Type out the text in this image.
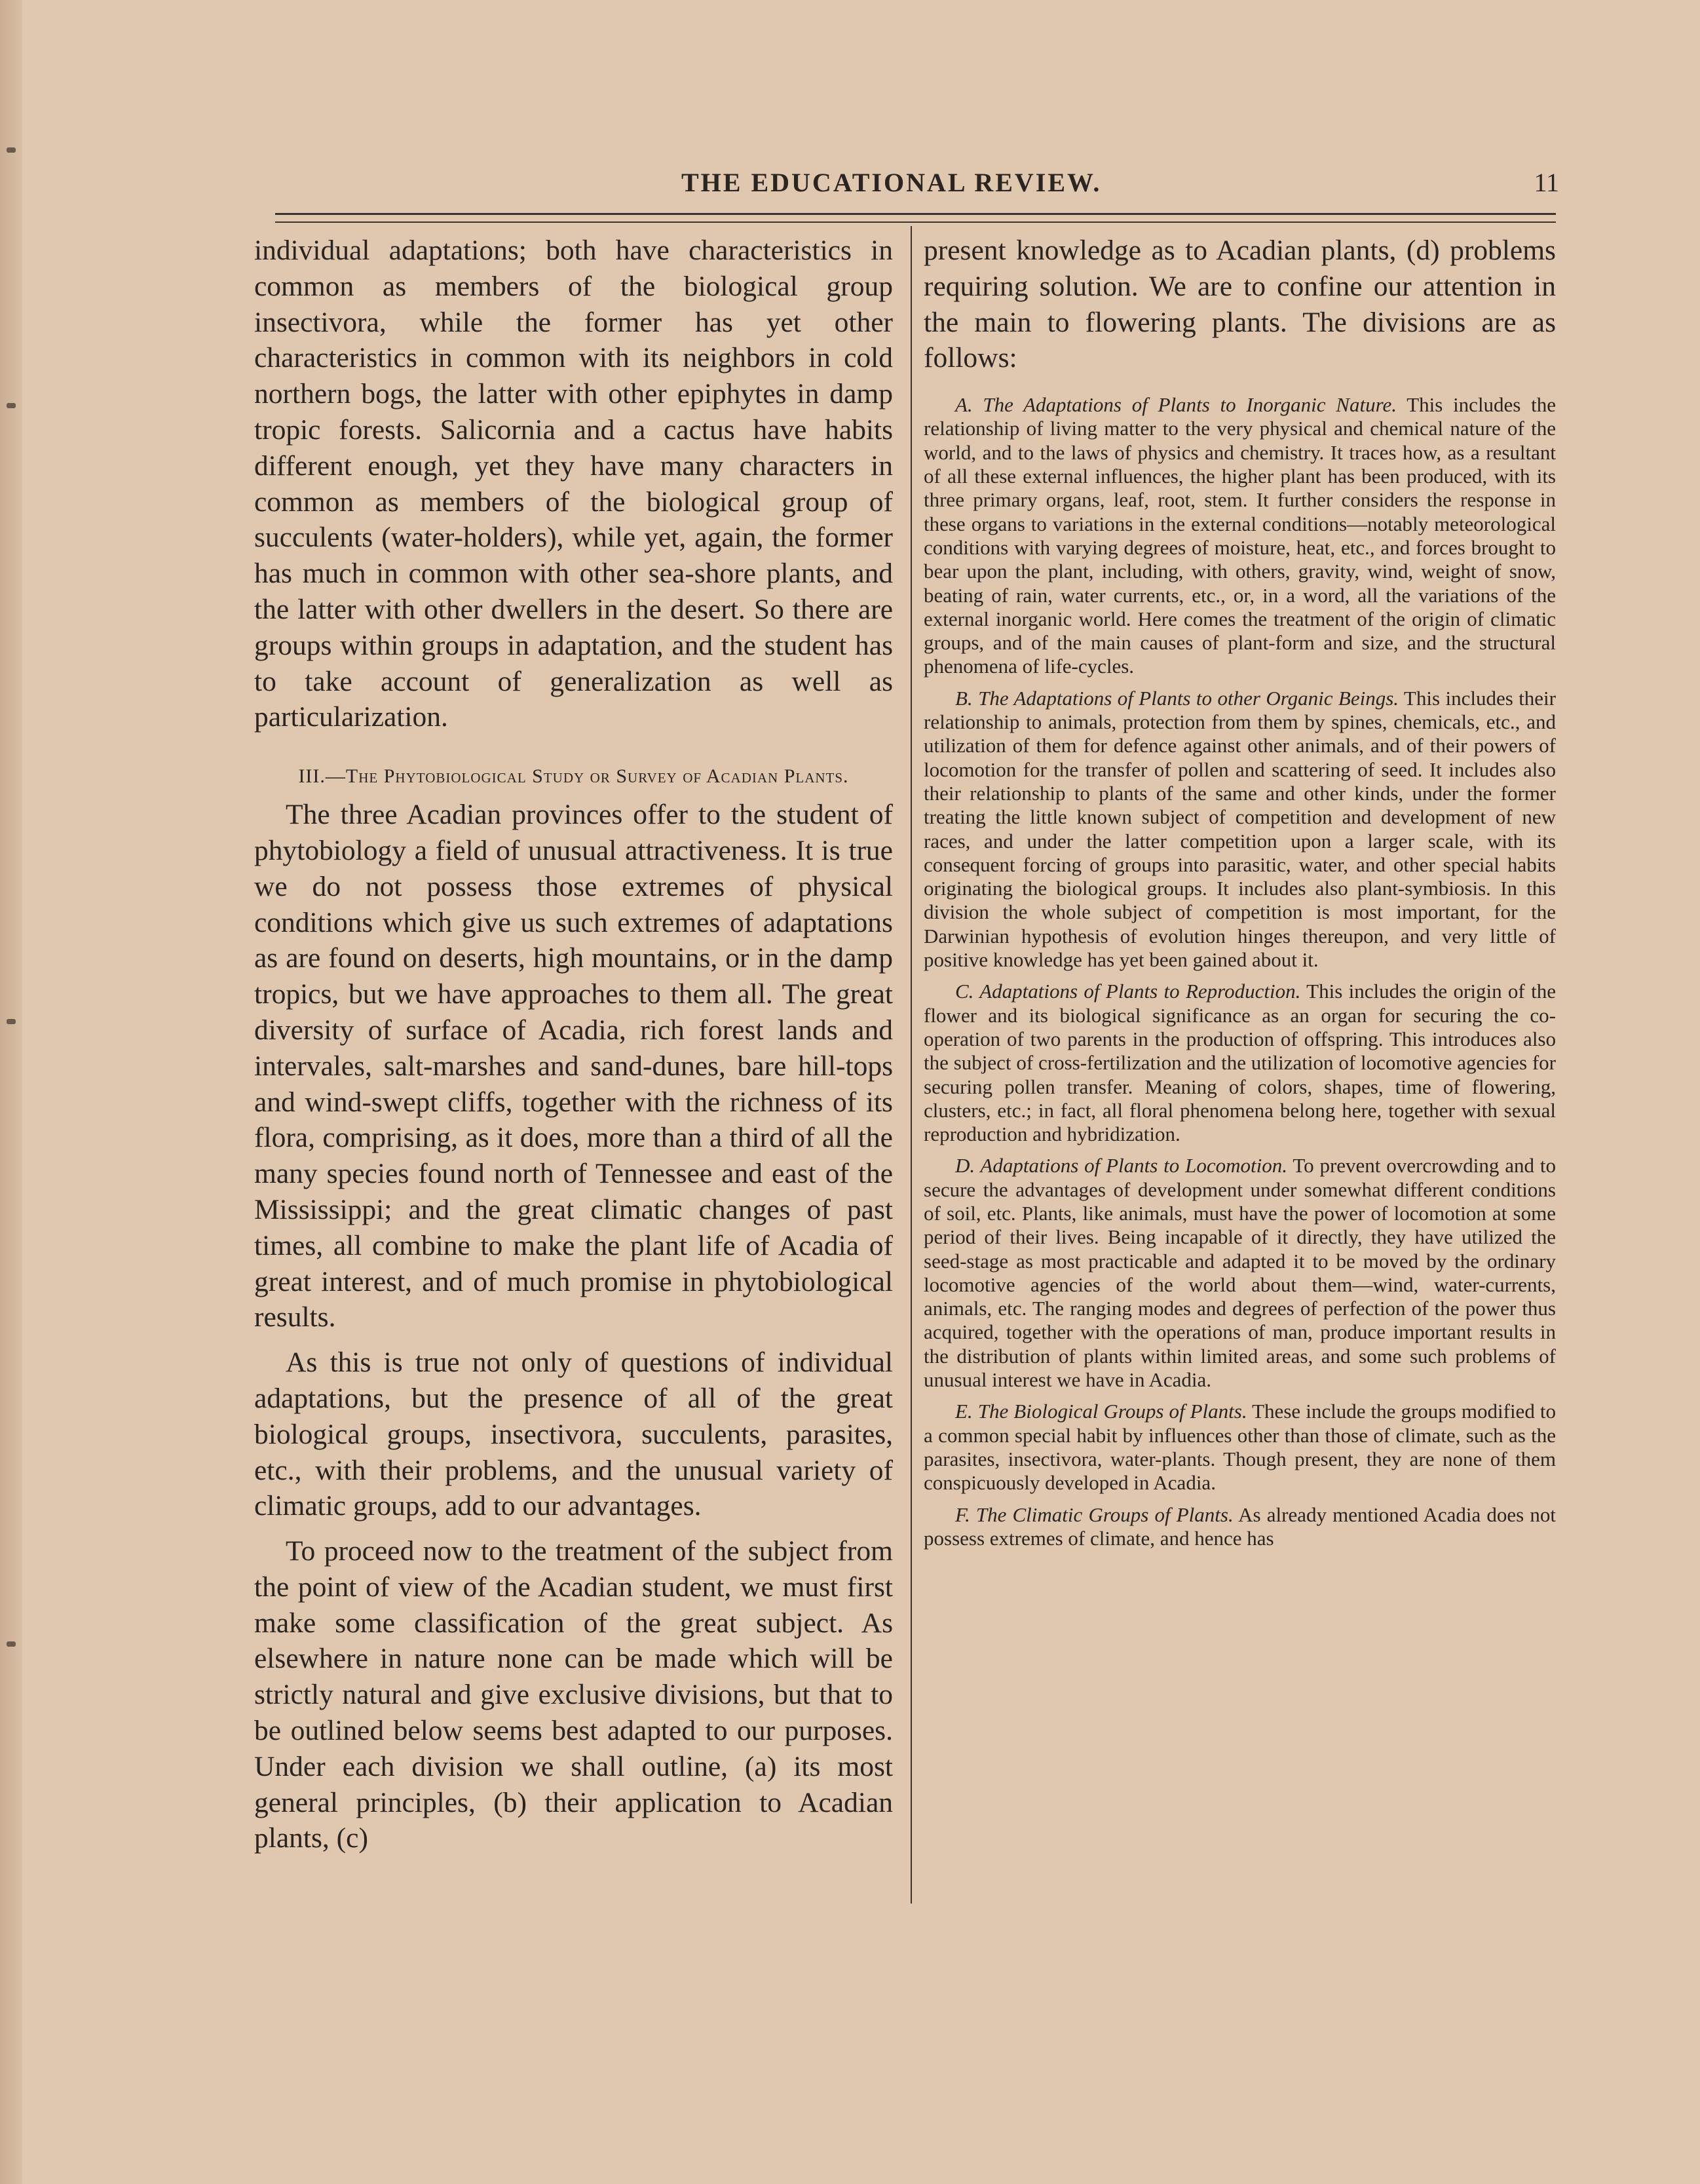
THE EDUCATIONAL REVIEW.	11

individual adaptations; both have characteristics in common as members of the biological group insectivora, while the former has yet other characteristics in common with its neighbors in cold northern bogs, the latter with other epiphytes in damp tropic forests. Salicornia and a cactus have habits different enough, yet they have many characters in common as members of the biological group of succulents (water-holders), while yet, again, the former has much in common with other sea-shore plants, and the latter with other dwellers in the desert. So there are groups within groups in adaptation, and the student has to take account of generalization as well as particularization.

III.—The Phytobiological Study or Survey of Acadian Plants.

The three Acadian provinces offer to the student of phytobiology a field of unusual attractiveness. It is true we do not possess those extremes of physical conditions which give us such extremes of adaptations as are found on deserts, high mountains, or in the damp tropics, but we have approaches to them all. The great diversity of surface of Acadia, rich forest lands and intervales, salt-marshes and sand-dunes, bare hill-tops and wind-swept cliffs, together with the richness of its flora, comprising, as it does, more than a third of all the many species found north of Tennessee and east of the Mississippi; and the great climatic changes of past times, all combine to make the plant life of Acadia of great interest, and of much promise in phytobiological results.

As this is true not only of questions of individual adaptations, but the presence of all of the great biological groups, insectivora, succulents, parasites, etc., with their problems, and the unusual variety of climatic groups, add to our advantages.

To proceed now to the treatment of the subject from the point of view of the Acadian student, we must first make some classification of the great subject. As elsewhere in nature none can be made which will be strictly natural and give exclusive divisions, but that to be outlined below seems best adapted to our purposes. Under each division we shall outline, (a) its most general principles, (b) their application to Acadian plants, (c)

present knowledge as to Acadian plants, (d) problems requiring solution. We are to confine our attention in the main to flowering plants. The divisions are as follows:

A. The Adaptations of Plants to Inorganic Nature. This includes the relationship of living matter to the very physical and chemical nature of the world, and to the laws of physics and chemistry. It traces how, as a resultant of all these external influences, the higher plant has been produced, with its three primary organs, leaf, root, stem. It further considers the response in these organs to variations in the external conditions—notably meteorological conditions with varying degrees of moisture, heat, etc., and forces brought to bear upon the plant, including, with others, gravity, wind, weight of snow, beating of rain, water currents, etc., or, in a word, all the variations of the external inorganic world. Here comes the treatment of the origin of climatic groups, and of the main causes of plant-form and size, and the structural phenomena of life-cycles.

B. The Adaptations of Plants to other Organic Beings. This includes their relationship to animals, protection from them by spines, chemicals, etc., and utilization of them for defence against other animals, and of their powers of locomotion for the transfer of pollen and scattering of seed. It includes also their relationship to plants of the same and other kinds, under the former treating the little known subject of competition and development of new races, and under the latter competition upon a larger scale, with its consequent forcing of groups into parasitic, water, and other special habits originating the biological groups. It includes also plant-symbiosis. In this division the whole subject of competition is most important, for the Darwinian hypothesis of evolution hinges thereupon, and very little of positive knowledge has yet been gained about it.

C. Adaptations of Plants to Reproduction. This includes the origin of the flower and its biological significance as an organ for securing the co-operation of two parents in the production of offspring. This introduces also the subject of cross-fertilization and the utilization of locomotive agencies for securing pollen transfer. Meaning of colors, shapes, time of flowering, clusters, etc.; in fact, all floral phenomena belong here, together with sexual reproduction and hybridization.

D. Adaptations of Plants to Locomotion. To prevent overcrowding and to secure the advantages of development under somewhat different conditions of soil, etc. Plants, like animals, must have the power of locomotion at some period of their lives. Being incapable of it directly, they have utilized the seed-stage as most practicable and adapted it to be moved by the ordinary locomotive agencies of the world about them—wind, water-currents, animals, etc. The ranging modes and degrees of perfection of the power thus acquired, together with the operations of man, produce important results in the distribution of plants within limited areas, and some such problems of unusual interest we have in Acadia.

E. The Biological Groups of Plants. These include the groups modified to a common special habit by influences other than those of climate, such as the parasites, insectivora, water-plants. Though present, they are none of them conspicuously developed in Acadia.

F. The Climatic Groups of Plants. As already mentioned Acadia does not possess extremes of climate, and hence has
